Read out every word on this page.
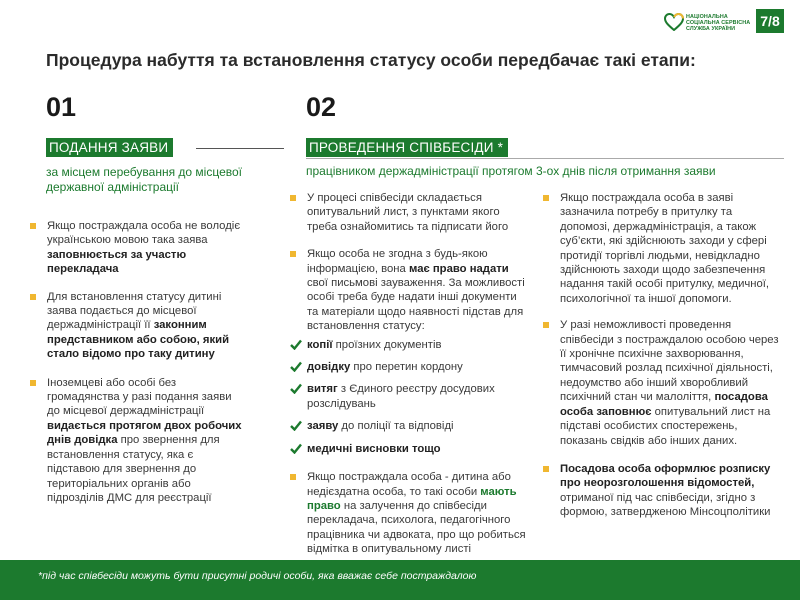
НАЦІОНАЛЬНА
СОЦІАЛЬНА СЕРВІСНА
СЛУЖБА УКРАЇНИ
7/8
Процедура набуття та встановлення статусу особи передбачає такі етапи:
01
ПОДАННЯ ЗАЯВИ
за місцем перебування до місцевої державної адміністрації
02
ПРОВЕДЕННЯ СПІВБЕСІДИ *
працівником держадміністрації протягом 3-ох днів після отримання заяви
Якщо постраждала особа не володіє українською мовою така заява заповнюється за участю перекладача
Для встановлення статусу дитині заява подається до місцевої держадміністрації її законним представником або собою, який стало відомо про таку дитину
Іноземцеві або особі без громадянства у разі подання заяви до місцевої держадміністрації видається протягом двох робочих днів довідка про звернення для встановлення статусу, яка є підставою для звернення до територіальних органів або підрозділів ДМС для реєстрації
У процесі співбесіди складається опитувальний лист, з пунктами якого треба ознайомитись та підписати його
Якщо особа не згодна з будь-якою інформацією, вона має право надати свої письмові зауваження. За можливості особі треба буде надати інші документи та матеріали щодо наявності підстав для встановлення статусу:
копії проїзних документів
довідку про перетин кордону
витяг з Єдиного реєстру досудових розслідувань
заяву до поліції та відповіді
медичні висновки тощо
Якщо постраждала особа - дитина або недієздатна особа, то такі особи мають право на залучення до співбесіди перекладача, психолога, педагогічного працівника чи адвоката, про що робиться відмітка в опитувальному листі
Якщо постраждала особа в заяві зазначила потребу в притулку та допомозі, держадміністрація, а також суб’єкти, які здійснюють заходи у сфері протидії торгівлі людьми, невідкладно здійснюють заходи щодо забезпечення надання такій особі притулку, медичної, психологічної та іншої допомоги.
У разі неможливості проведення співбесіди з постраждалою особою через її хронічне психічне захворювання, тимчасовий розлад психічної діяльності, недоумство або інший хворобливий психічний стан чи малоліття, посадова особа заповнює опитувальний лист на підставі особистих спостережень, показань свідків або інших даних.
Посадова особа оформлює розписку про неорозголошення відомостей, отриманої під час співбесіди, згідно з формою, затвердженою Мінсоцполітики
*під час співбесіди можуть бути присутні родичі особи, яка вважає себе постраждалою
